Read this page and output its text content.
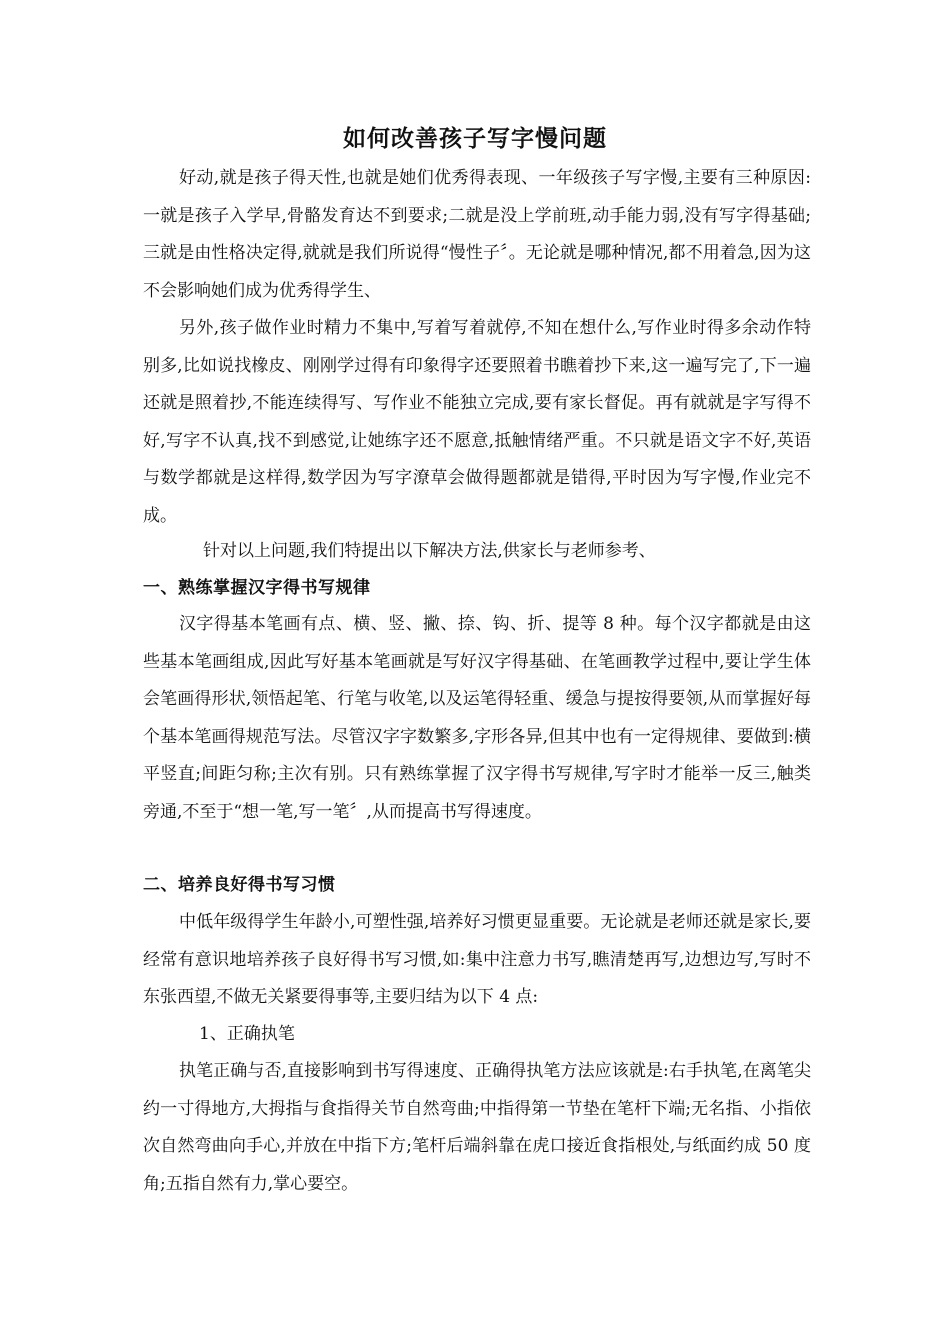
如何改善孩子写字慢问题

好动,就是孩子得天性,也就是她们优秀得表现、一年级孩子写字慢,主要有三种原因:一就是孩子入学早,骨骼发育达不到要求;二就是没上学前班,动手能力弱,没有写字得基础;三就是由性格决定得,就就是我们所说得“慢性子〞。无论就是哪种情况,都不用着急,因为这不会影响她们成为优秀得学生、

另外,孩子做作业时精力不集中,写着写着就停,不知在想什么,写作业时得多余动作特别多,比如说找橡皮、刚刚学过得有印象得字还要照着书瞧着抄下来,这一遍写完了,下一遍还就是照着抄,不能连续得写、写作业不能独立完成,要有家长督促。再有就就是字写得不好,写字不认真,找不到感觉,让她练字还不愿意,抵触情绪严重。不只就是语文字不好,英语与数学都就是这样得,数学因为写字潦草会做得题都就是错得,平时因为写字慢,作业完不成。

针对以上问题,我们特提出以下解决方法,供家长与老师参考、

一、熟练掌握汉字得书写规律

汉字得基本笔画有点、横、竖、撇、捺、钩、折、提等 8 种。每个汉字都就是由这些基本笔画组成,因此写好基本笔画就是写好汉字得基础、在笔画教学过程中,要让学生体会笔画得形状,领悟起笔、行笔与收笔,以及运笔得轻重、缓急与提按得要领,从而掌握好每个基本笔画得规范写法。尽管汉字字数繁多,字形各异,但其中也有一定得规律、要做到:横平竖直;间距匀称;主次有别。只有熟练掌握了汉字得书写规律,写字时才能举一反三,触类旁通,不至于“想一笔,写一笔〞,从而提高书写得速度。

二、培养良好得书写习惯

中低年级得学生年龄小,可塑性强,培养好习惯更显重要。无论就是老师还就是家长,要经常有意识地培养孩子良好得书写习惯,如:集中注意力书写,瞧清楚再写,边想边写,写时不东张西望,不做无关紧要得事等,主要归结为以下 4 点:

1、正确执笔

执笔正确与否,直接影响到书写得速度、正确得执笔方法应该就是:右手执笔,在离笔尖约一寸得地方,大拇指与食指得关节自然弯曲;中指得第一节垫在笔杆下端;无名指、小指依次自然弯曲向手心,并放在中指下方;笔杆后端斜靠在虎口接近食指根处,与纸面约成 50 度角;五指自然有力,掌心要空。
